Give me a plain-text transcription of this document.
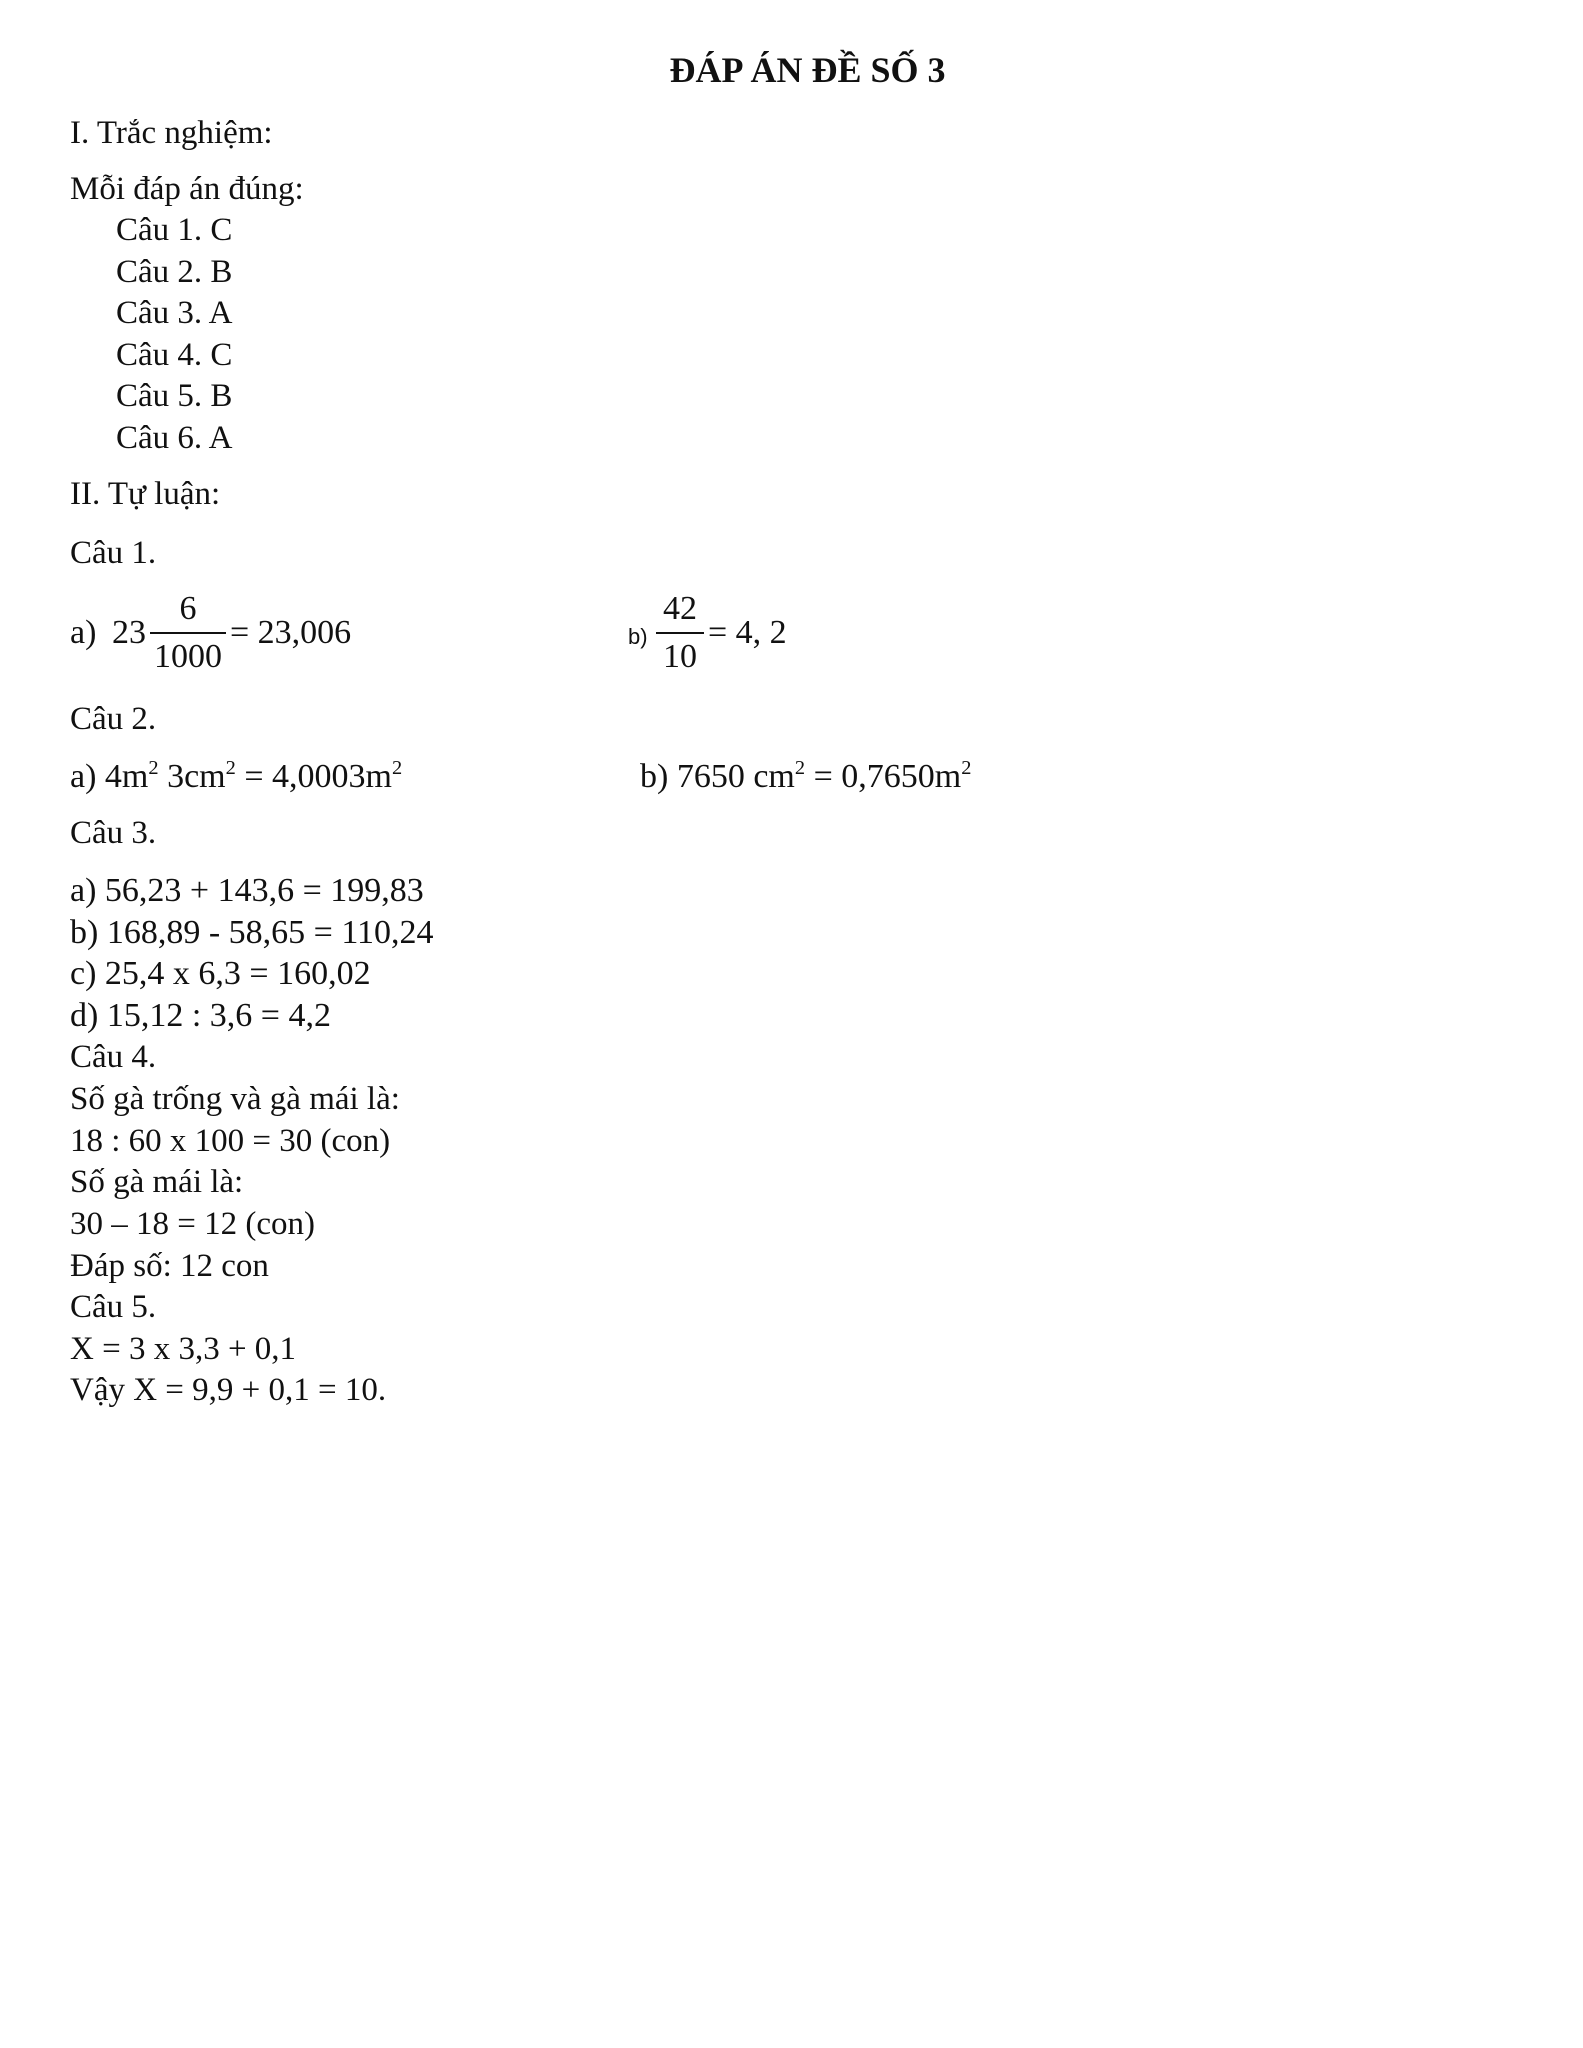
ĐÁP ÁN ĐỀ SỐ 3
I. Trắc nghiệm:
Mỗi đáp án đúng:
Câu 1. C
Câu 2. B
Câu 3. A
Câu 4. C
Câu 5. B
Câu 6. A
II. Tự luận:
Câu 1.
a) 23
6
1000
= 23,006	b)
42
10
= 4, 2
Câu 2.
a) $4m^2$ $3cm^2 = 4,0003m^2$	b) 7650 $cm^2 = 0,7650m^2$
Câu 3.
a) 56,23 + 143,6 = 199,83
b) 168,89 - 58,65 = 110,24
c) 25,4 x 6,3 = 160,02
d) 15,12 : 3,6 = 4,2
Câu 4.
Số gà trống và gà mái là:
18 : 60 x 100 = 30 (con)
Số gà mái là:
30 – 18 = 12 (con)
Đáp số: 12 con
Câu 5.
X = 3 x 3,3 + 0,1
Vậy X = 9,9 + 0,1 = 10.
